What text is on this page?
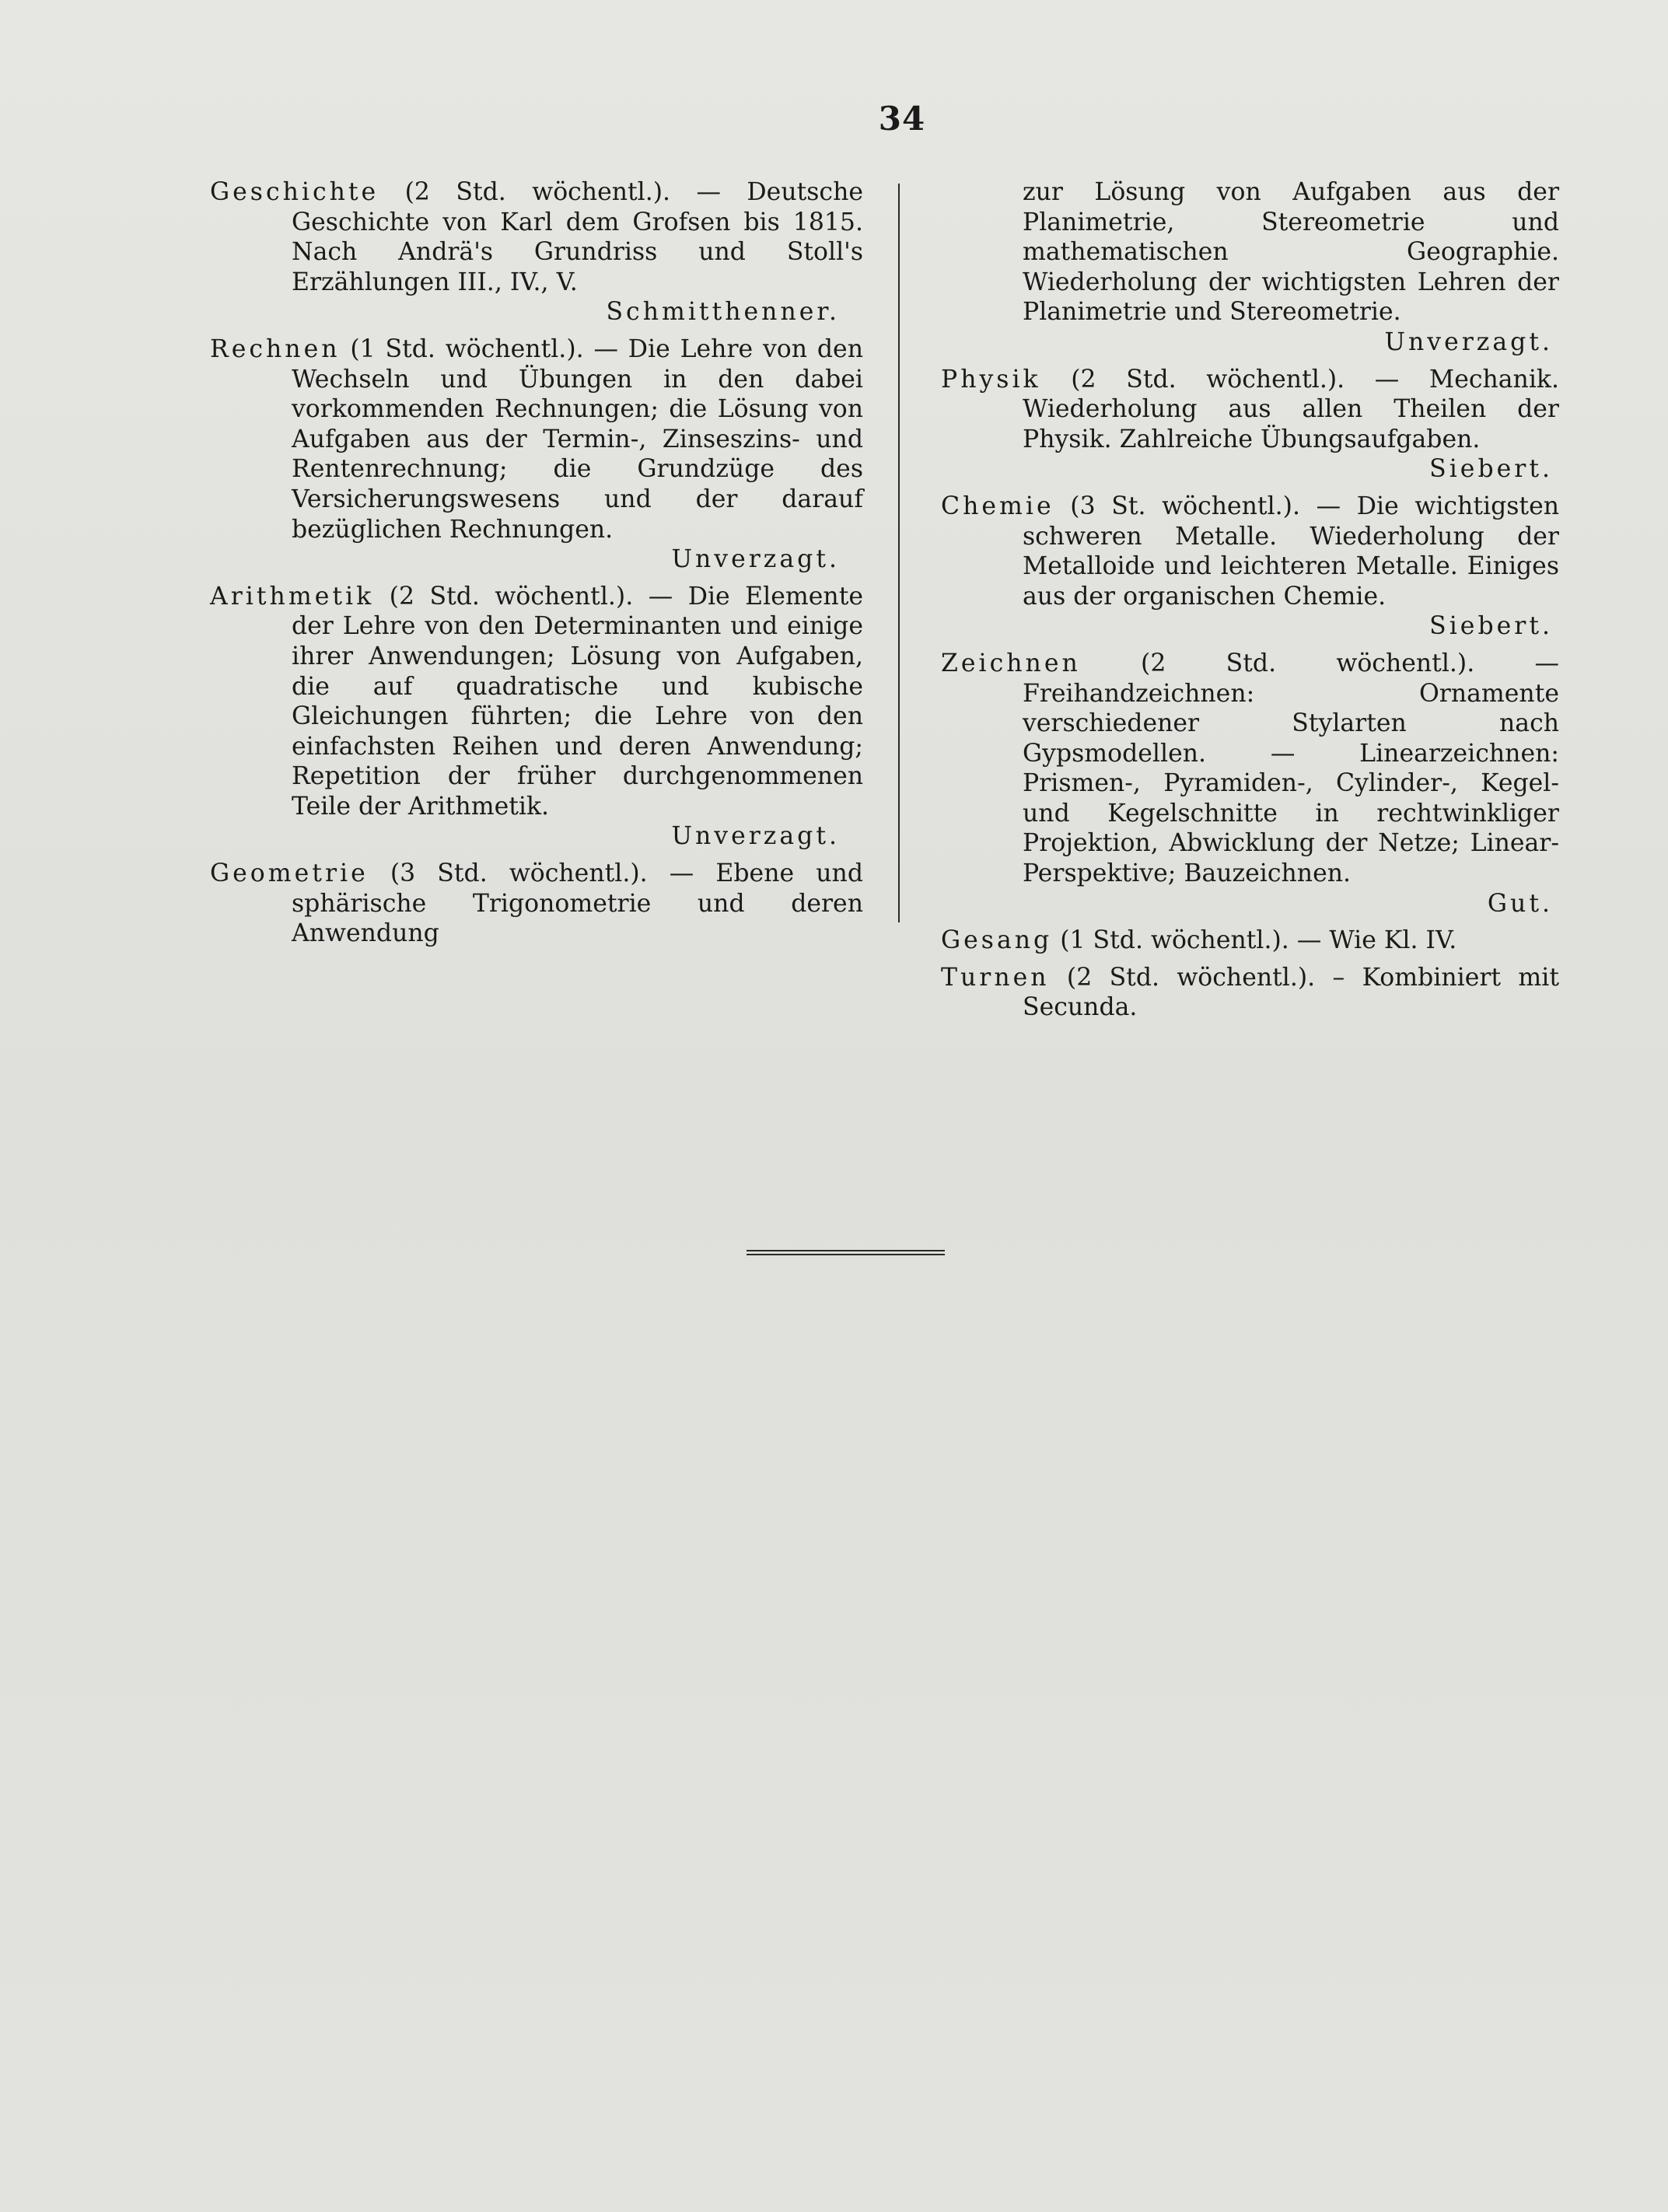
34

Geschichte (2 Std. wöchentl.). — Deutsche Geschichte von Karl dem Grofsen bis 1815. Nach Andrä's Grundriss und Stoll's Erzählungen III., IV., V.

Schmitthenner.

Rechnen (1 Std. wöchentl.). — Die Lehre von den Wechseln und Übungen in den dabei vorkommenden Rechnungen; die Lösung von Aufgaben aus der Termin-, Zinseszins- und Rentenrechnung; die Grundzüge des Versicherungswesens und der darauf bezüglichen Rechnungen.

Unverzagt.

Arithmetik (2 Std. wöchentl.). — Die Elemente der Lehre von den Determinanten und einige ihrer Anwendungen; Lösung von Aufgaben, die auf quadratische und kubische Gleichungen führten; die Lehre von den einfachsten Reihen und deren Anwendung; Repetition der früher durchgenommenen Teile der Arithmetik.

Unverzagt.

Geometrie (3 Std. wöchentl.). — Ebene und sphärische Trigonometrie und deren Anwendung

zur Lösung von Aufgaben aus der Planimetrie, Stereometrie und mathematischen Geographie. Wiederholung der wichtigsten Lehren der Planimetrie und Stereometrie.

Unverzagt.

Physik (2 Std. wöchentl.). — Mechanik. Wiederholung aus allen Theilen der Physik. Zahlreiche Übungsaufgaben.

Siebert.

Chemie (3 St. wöchentl.). — Die wichtigsten schweren Metalle. Wiederholung der Metalloide und leichteren Metalle. Einiges aus der organischen Chemie.

Siebert.

Zeichnen (2 Std. wöchentl.). — Freihandzeichnen: Ornamente verschiedener Stylarten nach Gypsmodellen. — Linearzeichnen: Prismen-, Pyramiden-, Cylinder-, Kegel- und Kegelschnitte in rechtwinkliger Projektion, Abwicklung der Netze; Linear-Perspektive; Bauzeichnen.

Gut.

Gesang (1 Std. wöchentl.). — Wie Kl. IV.

Turnen (2 Std. wöchentl.). – Kombiniert mit Secunda.
